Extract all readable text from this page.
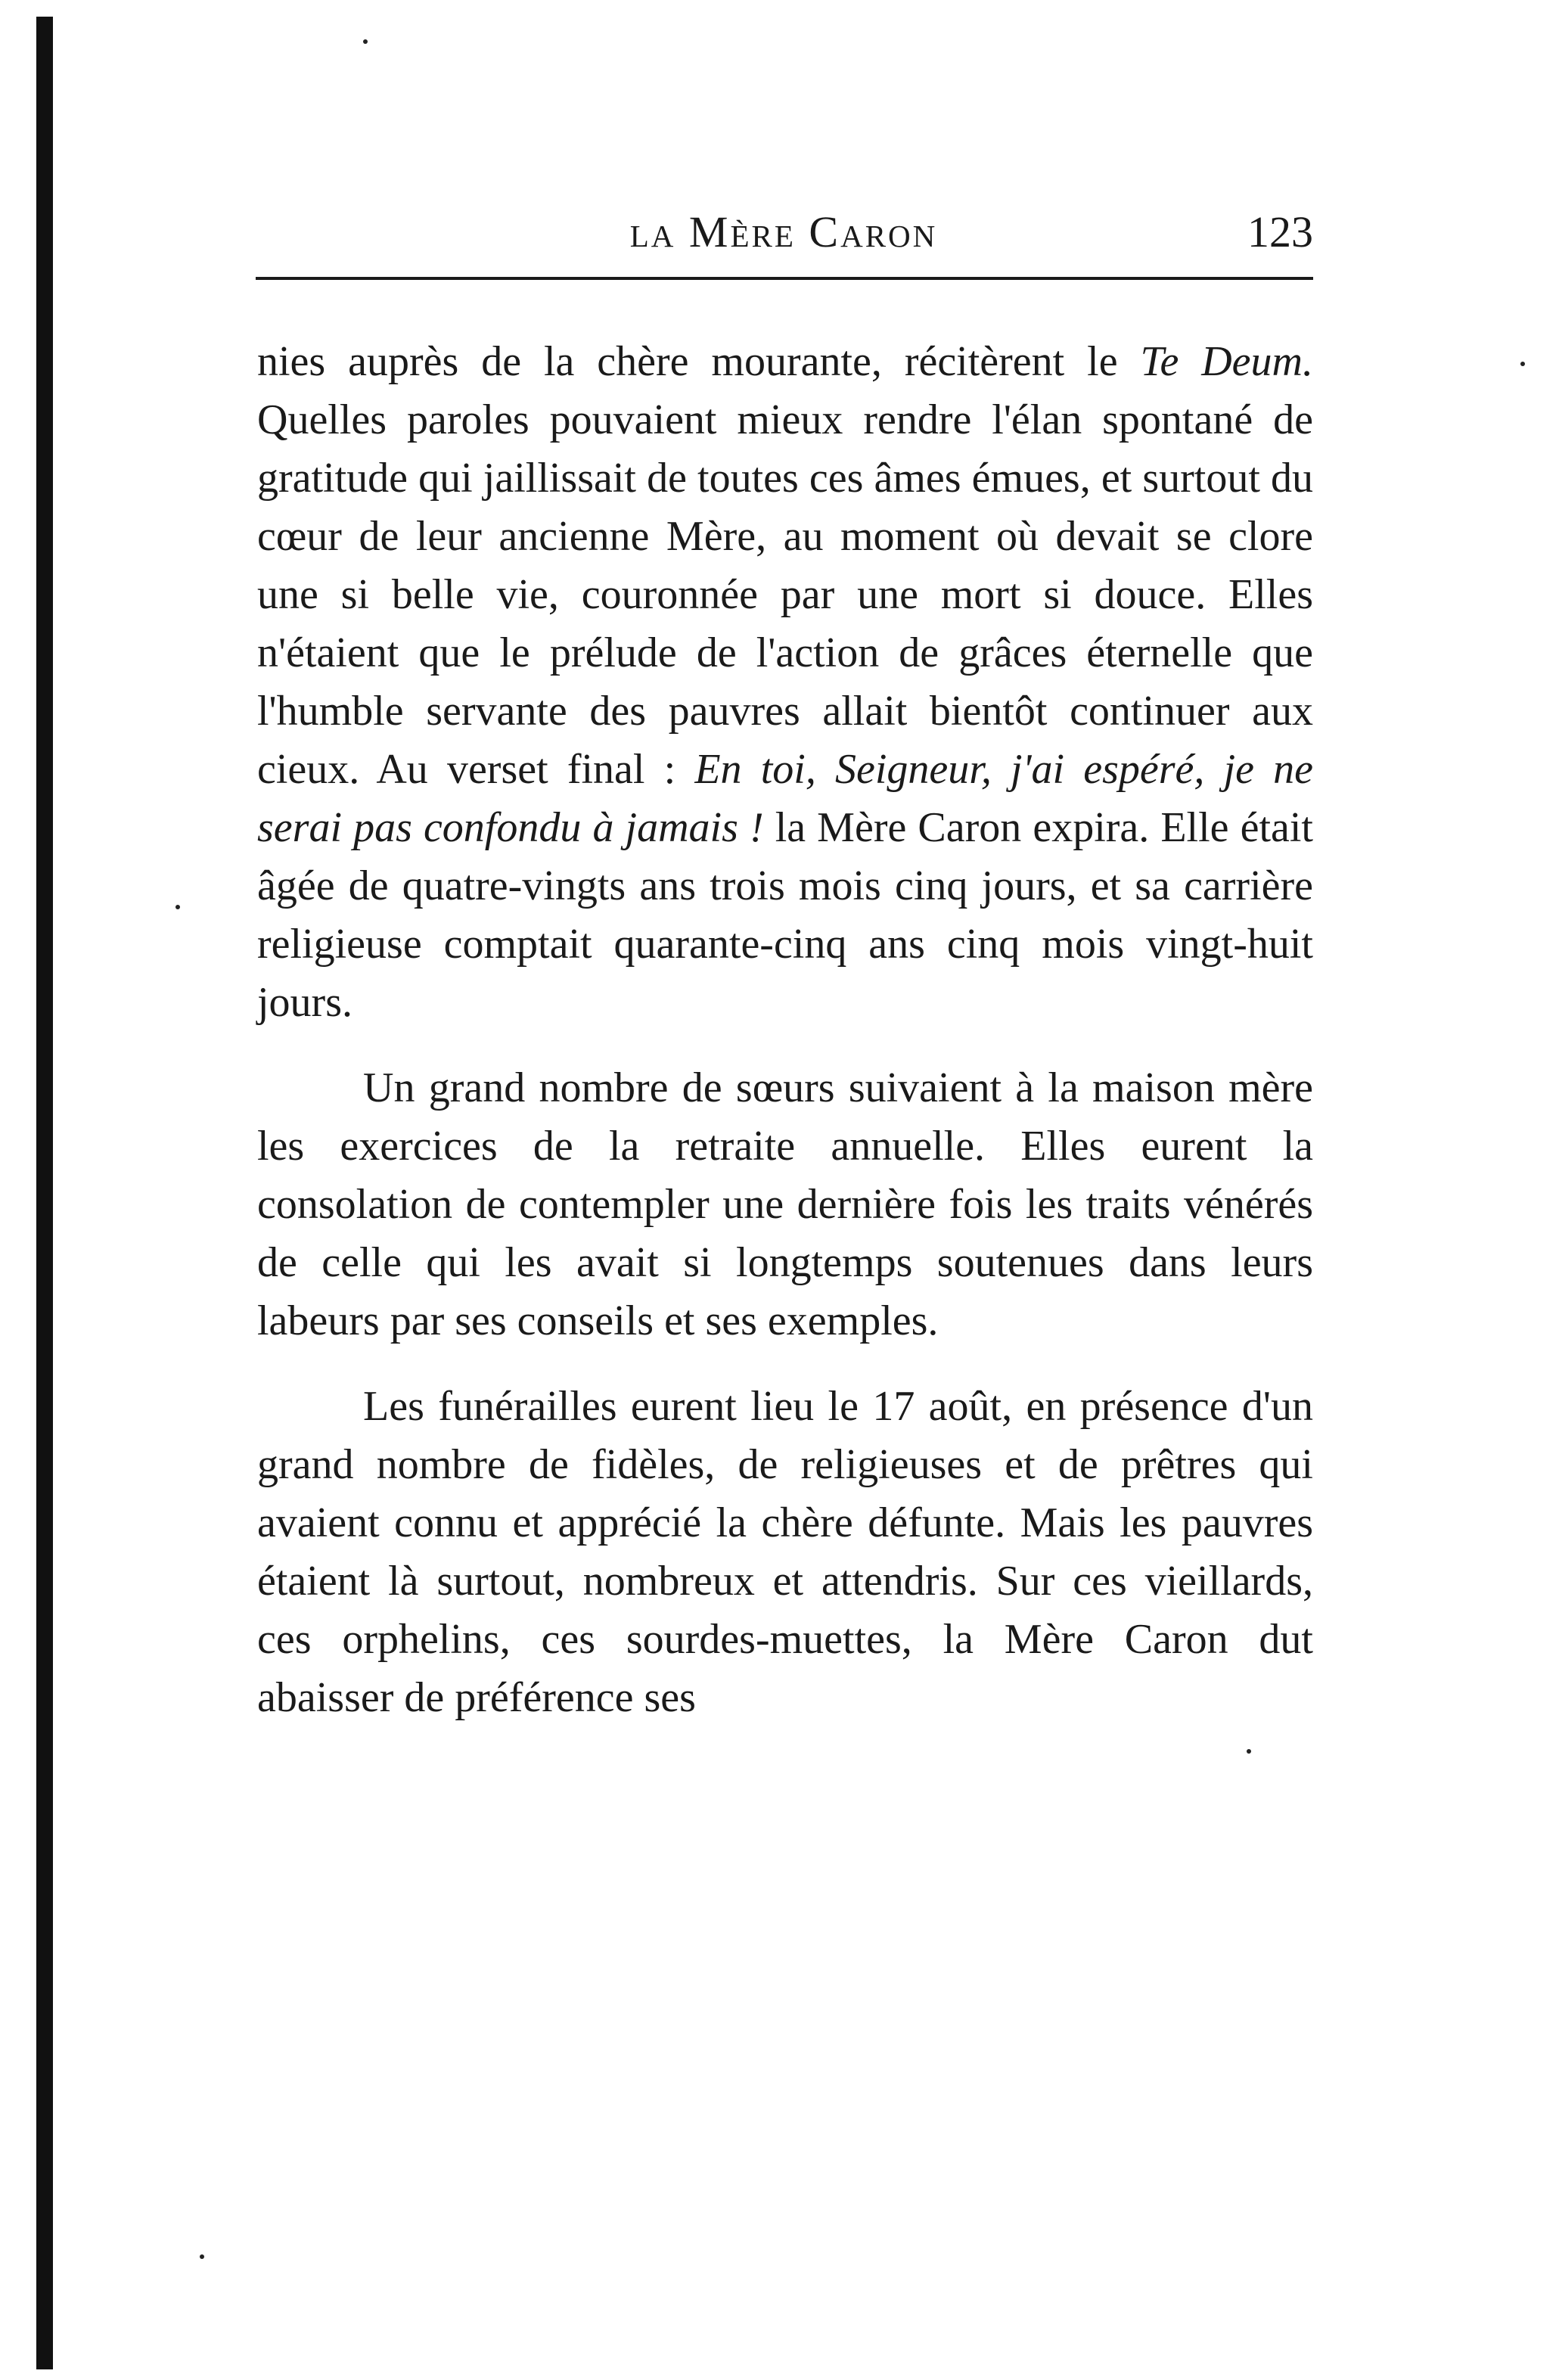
la Mère Caron	123

nies auprès de la chère mourante, récitèrent le Te Deum. Quelles paroles pouvaient mieux rendre l'élan spontané de gratitude qui jaillissait de toutes ces âmes émues, et surtout du cœur de leur ancienne Mère, au moment où devait se clore une si belle vie, couronnée par une mort si douce. Elles n'étaient que le prélude de l'action de grâces éternelle que l'humble servante des pauvres allait bientôt continuer aux cieux. Au verset final : En toi, Seigneur, j'ai espéré, je ne serai pas confondu à jamais ! la Mère Caron expira. Elle était âgée de quatre-vingts ans trois mois cinq jours, et sa carrière religieuse comptait quarante-cinq ans cinq mois vingt-huit jours.

Un grand nombre de sœurs suivaient à la maison mère les exercices de la retraite annuelle. Elles eurent la consolation de contempler une dernière fois les traits vénérés de celle qui les avait si longtemps soutenues dans leurs labeurs par ses conseils et ses exemples.

Les funérailles eurent lieu le 17 août, en présence d'un grand nombre de fidèles, de religieuses et de prêtres qui avaient connu et apprécié la chère défunte. Mais les pauvres étaient là surtout, nombreux et attendris. Sur ces vieillards, ces orphelins, ces sourdes-muettes, la Mère Caron dut abaisser de préférence ses
